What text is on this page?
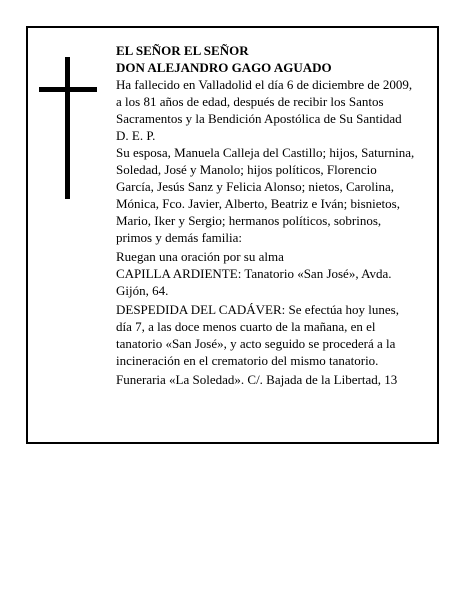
EL SEÑOR EL SEÑOR

DON ALEJANDRO GAGO AGUADO

Ha fallecido en Valladolid el día 6 de diciembre de 2009, a los 81 años de edad, después de recibir los Santos Sacramentos y la Bendición Apostólica de Su Santidad

D. E. P.

Su esposa, Manuela Calleja del Castillo; hijos, Saturnina, Soledad, José y Manolo; hijos políticos, Florencio García, Jesús Sanz y Felicia Alonso; nietos, Carolina, Mónica, Fco. Javier, Alberto, Beatriz e Iván; bisnietos, Mario, Iker y Sergio; hermanos políticos, sobrinos, primos y demás familia:

Ruegan una oración por su alma

CAPILLA ARDIENTE: Tanatorio «San José», Avda. Gijón, 64.

DESPEDIDA DEL CADÁVER: Se efectúa hoy lunes, día 7, a las doce menos cuarto de la mañana, en el tanatorio «San José», y acto seguido se procederá a la incineración en el crematorio del mismo tanatorio.

Funeraria «La Soledad». C/. Bajada de la Libertad, 13
